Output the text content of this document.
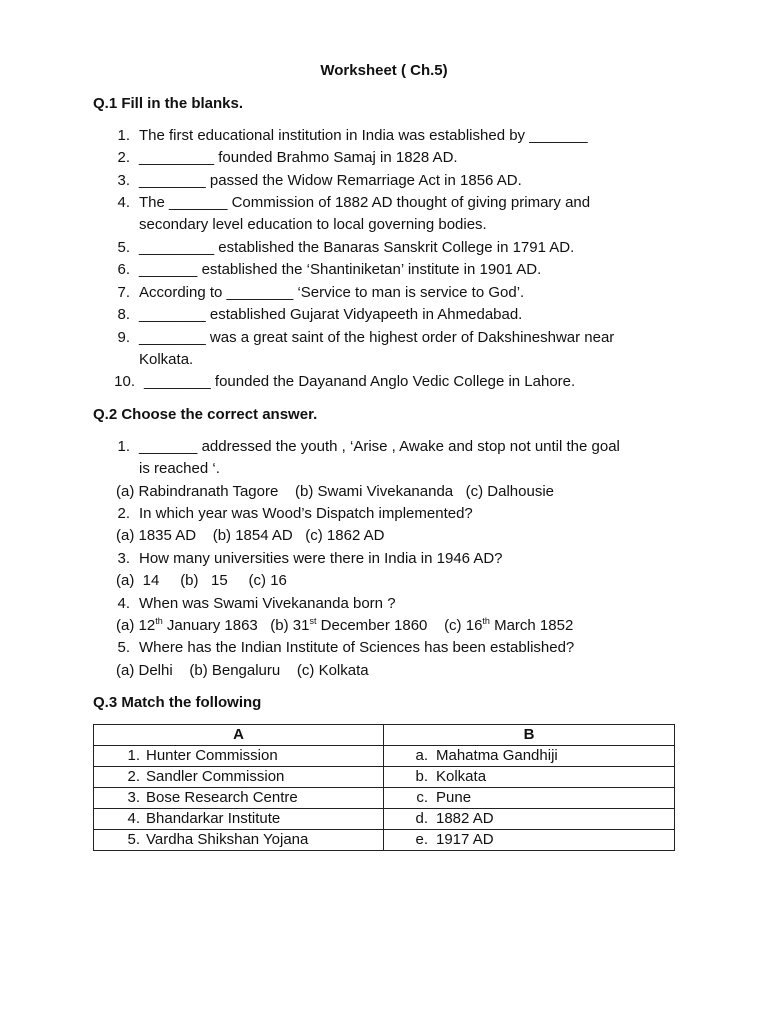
Worksheet ( Ch.5)
Q.1 Fill in the blanks.
1. The first educational institution in India was established by _______
2. _________ founded Brahmo Samaj in 1828 AD.
3. ________ passed the Widow Remarriage Act in 1856 AD.
4. The _______ Commission of 1882 AD thought of giving primary and
secondary level education to local governing bodies.
5. _________ established the Banaras Sanskrit College in 1791 AD.
6. _______ established the ‘Shantiniketan’ institute in 1901 AD.
7. According to ________ ‘Service to man is service to God’.
8. ________ established Gujarat Vidyapeeth in Ahmedabad.
9. ________ was a great saint of the highest order of Dakshineshwar near
Kolkata.
10. ________ founded the Dayanand Anglo Vedic College in Lahore.
Q.2 Choose the correct answer.
1. _______ addressed the youth , ‘Arise , Awake and stop not until the goal
is reached ‘.
(a) Rabindranath Tagore    (b) Swami Vivekananda   (c) Dalhousie
2. In which year was Wood’s Dispatch implemented?
(a) 1835 AD    (b) 1854 AD   (c) 1862 AD
3. How many universities were there in India in 1946 AD?
(a)  14     (b)   15     (c) 16
4. When was Swami Vivekananda born ?
(a) 12th January 1863   (b) 31st December 1860    (c) 16th March 1852
5. Where has the Indian Institute of Sciences has been established?
(a) Delhi    (b) Bengaluru    (c) Kolkata
Q.3 Match the following
A	B
1. Hunter Commission	a. Mahatma Gandhiji
2. Sandler Commission	b. Kolkata
3. Bose Research Centre	c. Pune
4. Bhandarkar Institute	d. 1882 AD
5. Vardha Shikshan Yojana	e. 1917 AD
